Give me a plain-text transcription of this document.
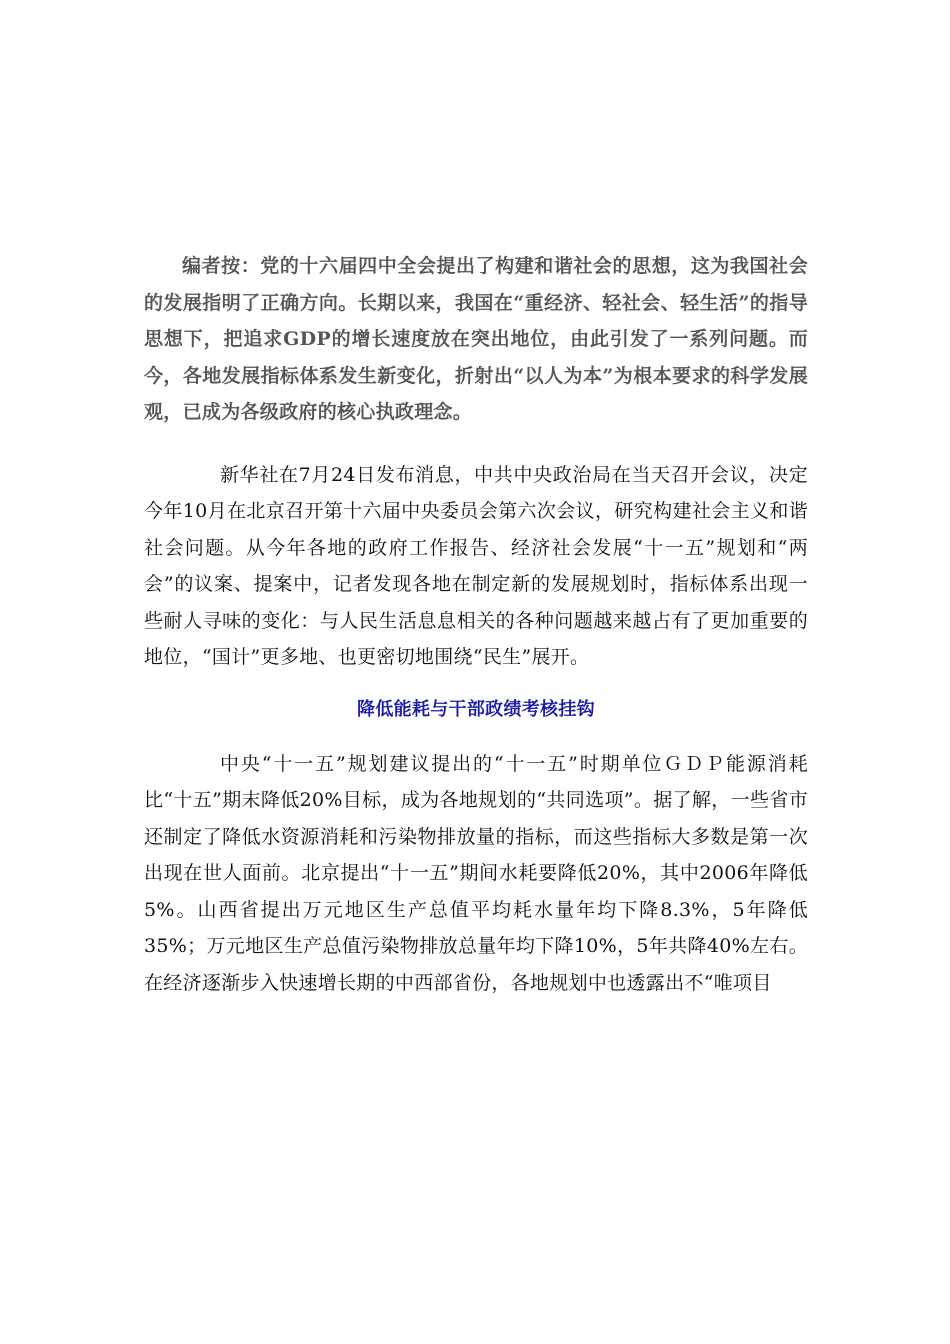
编者按：党的十六届四中全会提出了构建和谐社会的思想，这为我国社会的发展指明了正确方向。长期以来，我国在“重经济、轻社会、轻生活”的指导思想下，把追求GDP的增长速度放在突出地位，由此引发了一系列问题。而今，各地发展指标体系发生新变化，折射出“以人为本”为根本要求的科学发展观，已成为各级政府的核心执政理念。

新华社在7月24日发布消息，中共中央政治局在当天召开会议，决定今年10月在北京召开第十六届中央委员会第六次会议，研究构建社会主义和谐社会问题。从今年各地的政府工作报告、经济社会发展“十一五”规划和“两会”的议案、提案中，记者发现各地在制定新的发展规划时，指标体系出现一些耐人寻味的变化：与人民生活息息相关的各种问题越来越占有了更加重要的地位，“国计”更多地、也更密切地围绕“民生”展开。

降低能耗与干部政绩考核挂钩

中央“十一五”规划建议提出的“十一五”时期单位ＧＤＰ能源消耗比“十五”期末降低20%目标，成为各地规划的“共同选项”。据了解，一些省市还制定了降低水资源消耗和污染物排放量的指标，而这些指标大多数是第一次出现在世人面前。北京提出“十一五”期间水耗要降低20%，其中2006年降低5%。山西省提出万元地区生产总值平均耗水量年均下降8.3%，5年降低35%；万元地区生产总值污染物排放总量年均下降10%，5年共降40%左右。在经济逐渐步入快速增长期的中西部省份，各地规划中也透露出不“唯项目
